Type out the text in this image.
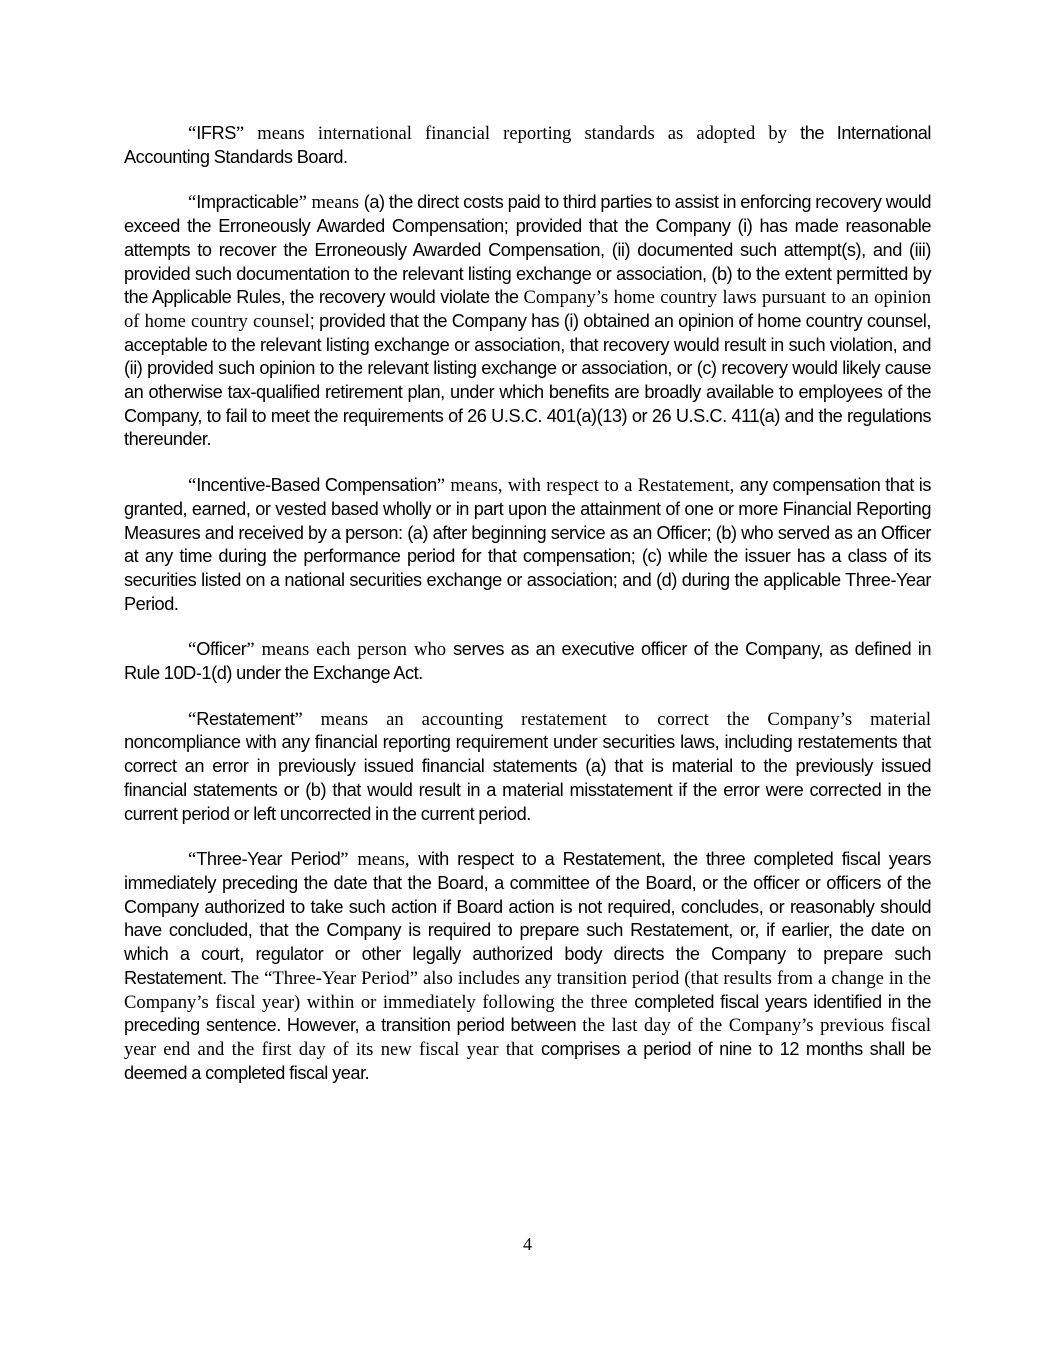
“IFRS” means international financial reporting standards as adopted by the International Accounting Standards Board.

“Impracticable” means (a) the direct costs paid to third parties to assist in enforcing recovery would exceed the Erroneously Awarded Compensation; provided that the Company (i) has made reasonable attempts to recover the Erroneously Awarded Compensation, (ii) documented such attempt(s), and (iii) provided such documentation to the relevant listing exchange or association, (b) to the extent permitted by the Applicable Rules, the recovery would violate the Company’s home country laws pursuant to an opinion of home country counsel; provided that the Company has (i) obtained an opinion of home country counsel, acceptable to the relevant listing exchange or association, that recovery would result in such violation, and (ii) provided such opinion to the relevant listing exchange or association, or (c) recovery would likely cause an otherwise tax-qualified retirement plan, under which benefits are broadly available to employees of the Company, to fail to meet the requirements of 26 U.S.C. 401(a)(13) or 26 U.S.C. 411(a) and the regulations thereunder.

“Incentive-Based Compensation” means, with respect to a Restatement, any compensation that is granted, earned, or vested based wholly or in part upon the attainment of one or more Financial Reporting Measures and received by a person: (a) after beginning service as an Officer; (b) who served as an Officer at any time during the performance period for that compensation; (c) while the issuer has a class of its securities listed on a national securities exchange or association; and (d) during the applicable Three-Year Period.

“Officer” means each person who serves as an executive officer of the Company, as defined in Rule 10D-1(d) under the Exchange Act.

“Restatement” means an accounting restatement to correct the Company’s material noncompliance with any financial reporting requirement under securities laws, including restatements that correct an error in previously issued financial statements (a) that is material to the previously issued financial statements or (b) that would result in a material misstatement if the error were corrected in the current period or left uncorrected in the current period.

“Three-Year Period” means, with respect to a Restatement, the three completed fiscal years immediately preceding the date that the Board, a committee of the Board, or the officer or officers of the Company authorized to take such action if Board action is not required, concludes, or reasonably should have concluded, that the Company is required to prepare such Restatement, or, if earlier, the date on which a court, regulator or other legally authorized body directs the Company to prepare such Restatement. The “Three-Year Period” also includes any transition period (that results from a change in the Company’s fiscal year) within or immediately following the three completed fiscal years identified in the preceding sentence. However, a transition period between the last day of the Company’s previous fiscal year end and the first day of its new fiscal year that comprises a period of nine to 12 months shall be deemed a completed fiscal year.

4
